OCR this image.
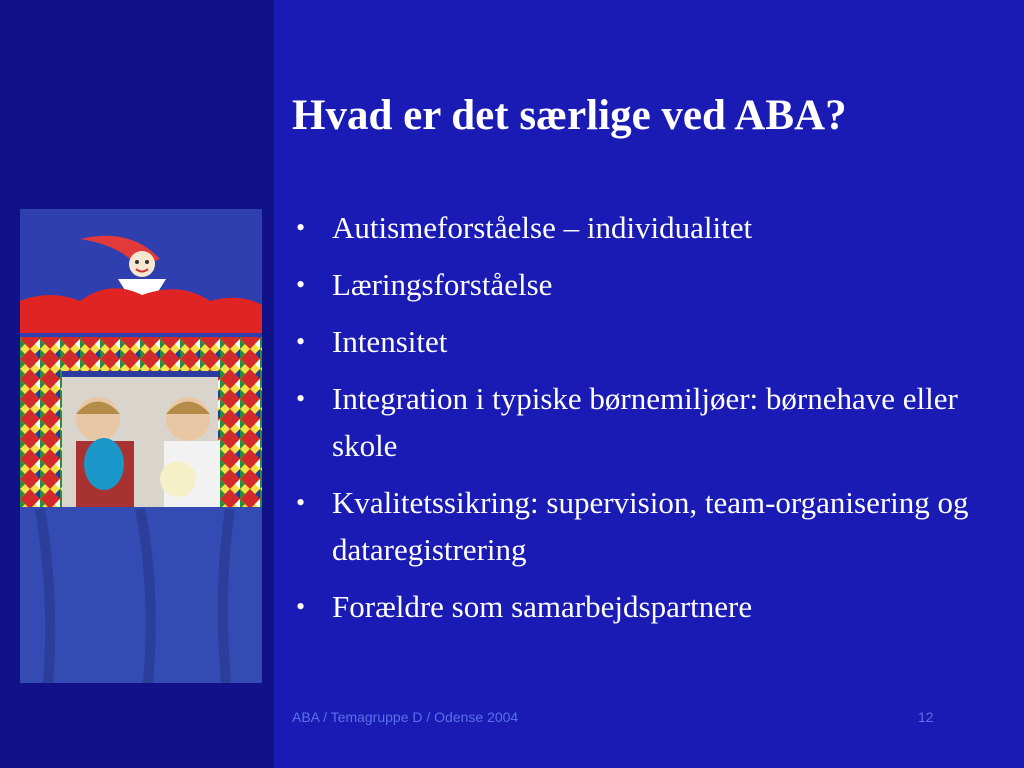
Hvad er det særlige ved ABA?
• Autismeforståelse – individualitet
• Læringsforståelse
• Intensitet
• Integration i typiske børnemiljøer: børnehave eller skole
• Kvalitetssikring: supervision, team-organisering og dataregistrering
• Forældre som samarbejdspartnere
ABA / Temagruppe D / Odense 2004	12
